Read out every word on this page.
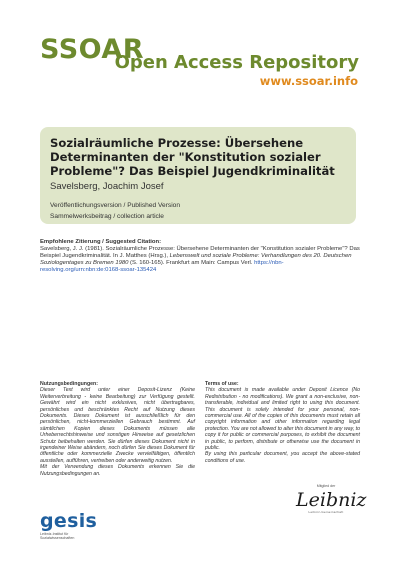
SSOAR
Open Access Repository
www.ssoar.info
Sozialräumliche Prozesse: Übersehene Determinanten der "Konstitution sozialer Probleme"? Das Beispiel Jugendkriminalität
Savelsberg, Joachim Josef
Veröffentlichungsversion / Published Version
Sammelwerksbeitrag / collection article
Empfohlene Zitierung / Suggested Citation:
Savelsberg, J. J. (1981). Sozialräumliche Prozesse: Übersehene Determinanten der "Konstitution sozialer Probleme"? Das Beispiel Jugendkriminalität. In J. Matthes (Hrsg.), Lebenswelt und soziale Probleme: Verhandlungen des 20. Deutschen Soziologentages zu Bremen 1980 (S. 160-165). Frankfurt am Main: Campus Verl. https://nbn-resolving.org/urn:nbn:de:0168-ssoar-135424
Nutzungsbedingungen:
Dieser Text wird unter einer Deposit-Lizenz (Keine Weiterverbreitung - keine Bearbeitung) zur Verfügung gestellt. Gewährt wird ein nicht exklusives, nicht übertragbares, persönliches und beschränktes Recht auf Nutzung dieses Dokuments. Dieses Dokument ist ausschließlich für den persönlichen, nicht-kommerziellen Gebrauch bestimmt. Auf sämtlichen Kopien dieses Dokuments müssen alle Urheberrechtshinweise und sonstigen Hinweise auf gesetzlichen Schutz beibehalten werden. Sie dürfen dieses Dokument nicht in irgendeiner Weise abändern, noch dürfen Sie dieses Dokument für öffentliche oder kommerzielle Zwecke vervielfältigen, öffentlich ausstellen, aufführen, vertreiben oder anderweitig nutzen.
Mit der Verwendung dieses Dokuments erkennen Sie die Nutzungsbedingungen an.
Terms of use:
This document is made available under Deposit Licence (No Redistribution - no modifications). We grant a non-exclusive, non-transferable, individual and limited right to using this document. This document is solely intended for your personal, non-commercial use. All of the copies of this documents must retain all copyright information and other information regarding legal protection. You are not allowed to alter this document in any way, to copy it for public or commercial purposes, to exhibit the document in public, to perform, distribute or otherwise use the document in public.
By using this particular document, you accept the above-stated conditions of use.
gesis
Leibniz-Institut für Sozialwissenschaften
Mitglied der
Leibniz
Leibniz-Gemeinschaft
